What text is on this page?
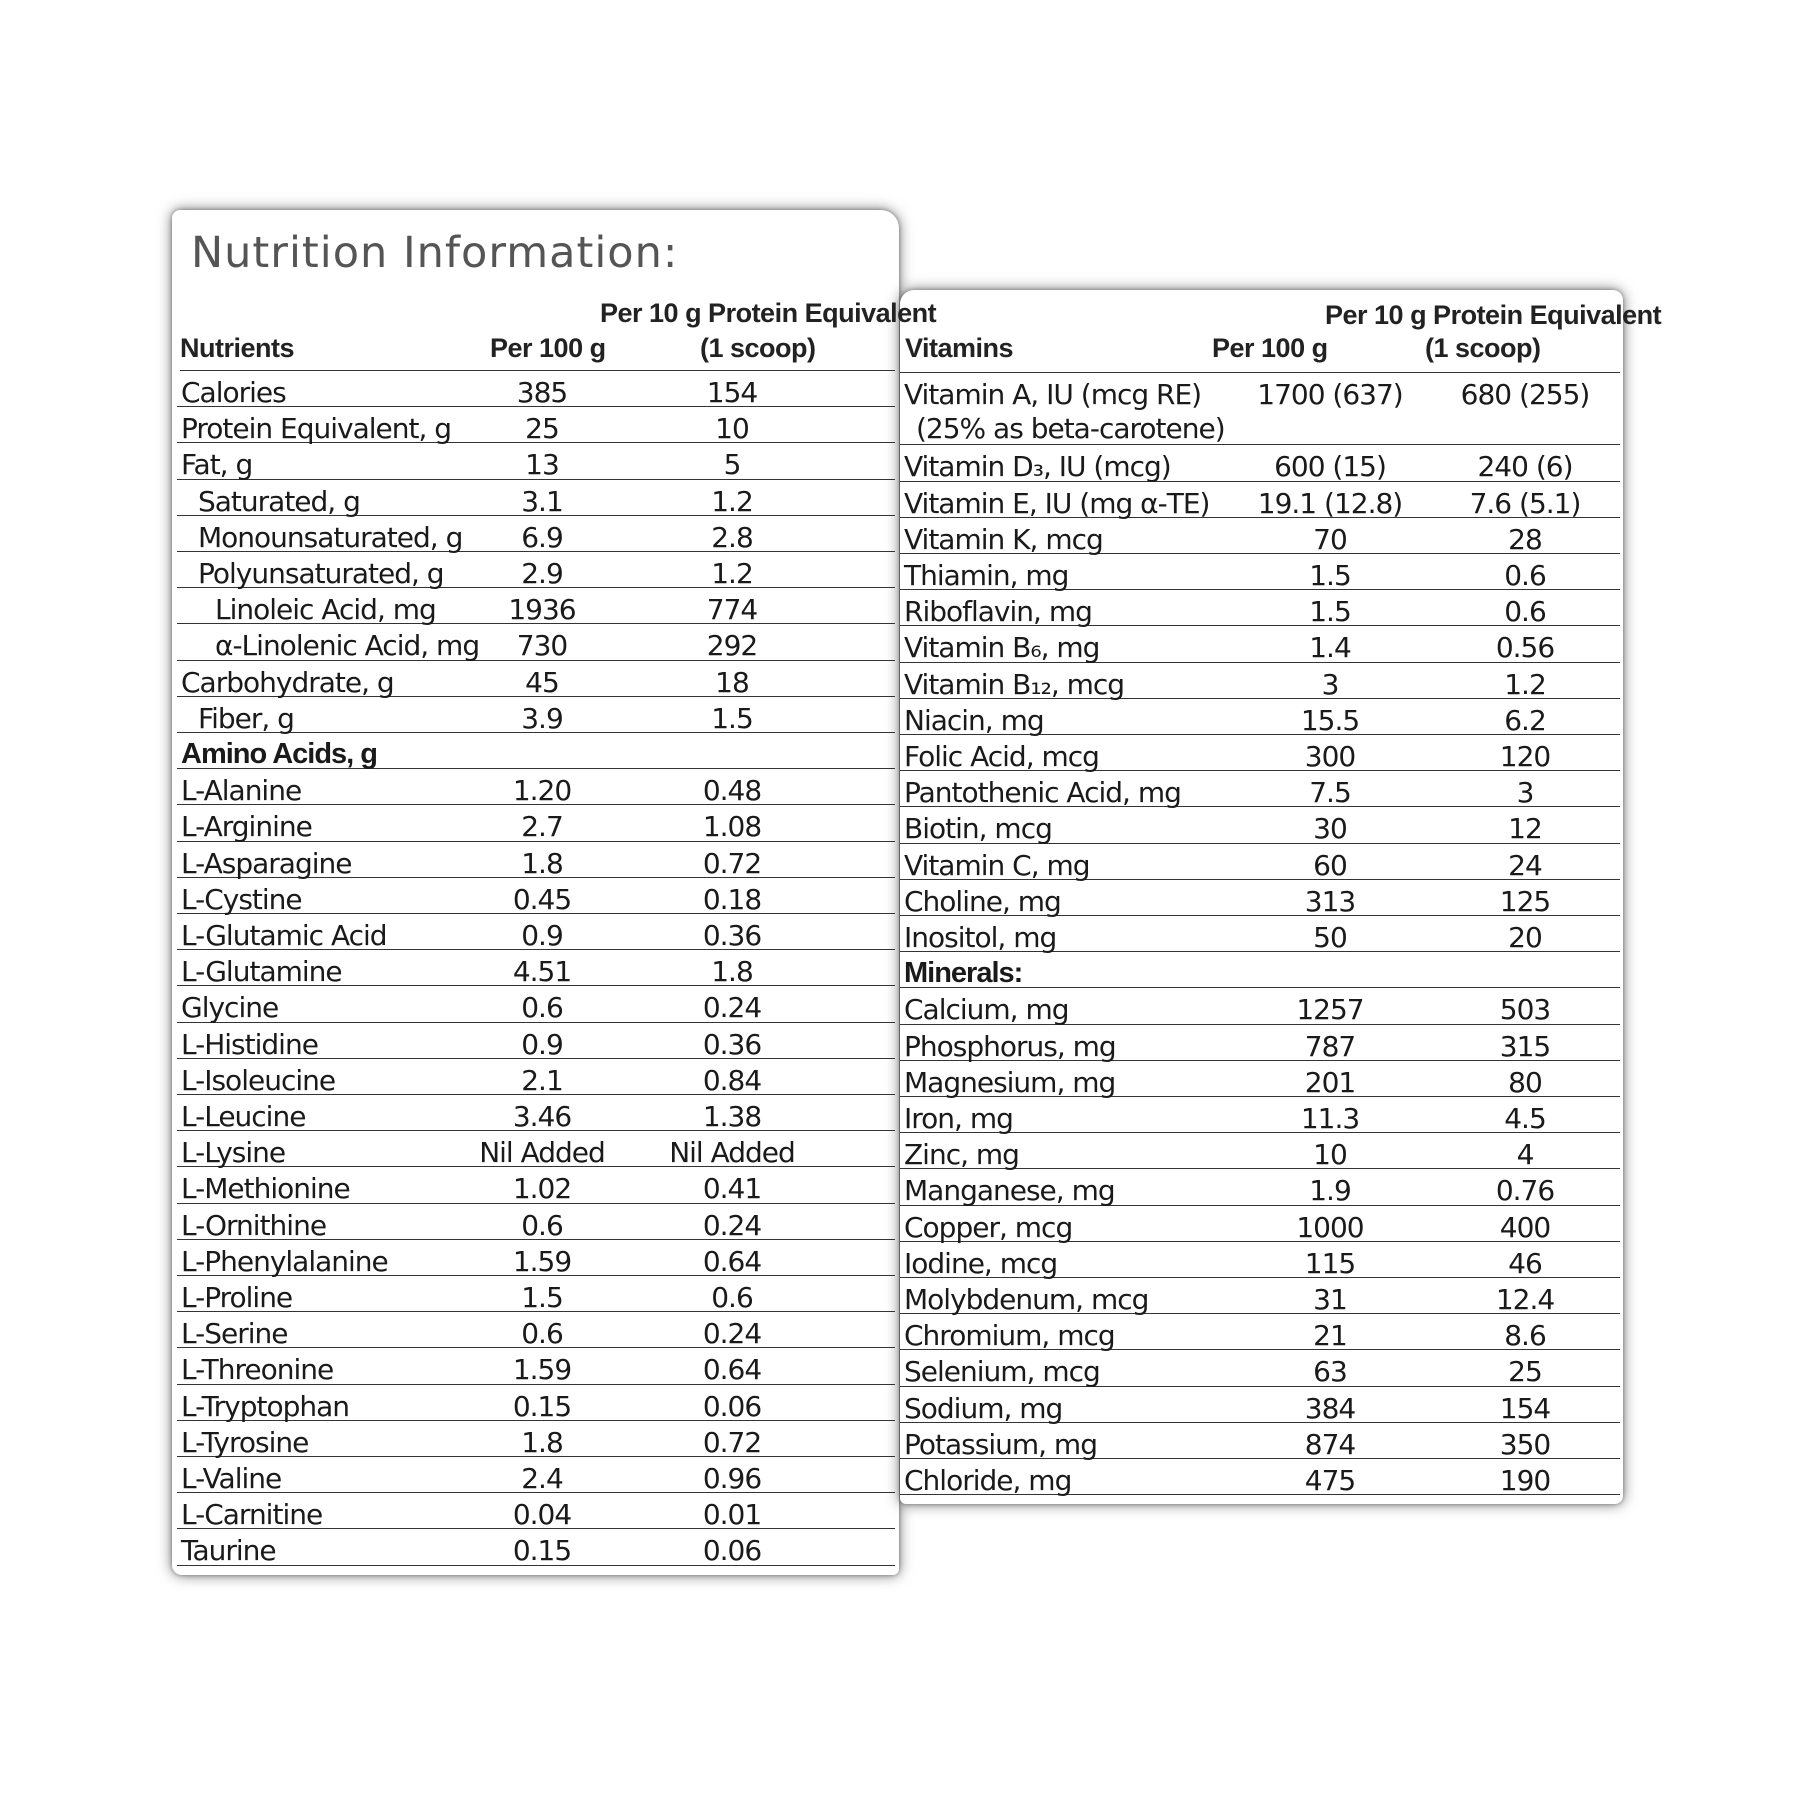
Nutrition Information:
Per 10 g Protein Equivalent
Nutrients	Per 100 g	(1 scoop)
Per 10 g Protein Equivalent
Vitamins	Per 100 g	(1 scoop)
Calories	385	154
Protein Equivalent, g	25	10
Fat, g	13	5
Saturated, g	3.1	1.2
Monounsaturated, g	6.9	2.8
Polyunsaturated, g	2.9	1.2
Linoleic Acid, mg	1936	774
α-Linolenic Acid, mg	730	292
Carbohydrate, g	45	18
Fiber, g	3.9	1.5
Amino Acids, g
L-Alanine	1.20	0.48
L-Arginine	2.7	1.08
L-Asparagine	1.8	0.72
L-Cystine	0.45	0.18
L-Glutamic Acid	0.9	0.36
L-Glutamine	4.51	1.8
Glycine	0.6	0.24
L-Histidine	0.9	0.36
L-Isoleucine	2.1	0.84
L-Leucine	3.46	1.38
L-Lysine	Nil Added	Nil Added
L-Methionine	1.02	0.41
L-Ornithine	0.6	0.24
L-Phenylalanine	1.59	0.64
L-Proline	1.5	0.6
L-Serine	0.6	0.24
L-Threonine	1.59	0.64
L-Tryptophan	0.15	0.06
L-Tyrosine	1.8	0.72
L-Valine	2.4	0.96
L-Carnitine	0.04	0.01
Taurine	0.15	0.06
Vitamin A, IU (mcg RE)
(25% as beta-carotene)
1700 (637)	680 (255)
Vitamin D₃, IU (mcg)	600 (15)	240 (6)
Vitamin E, IU (mg α-TE)	19.1 (12.8)	7.6 (5.1)
Vitamin K, mcg	70	28
Thiamin, mg	1.5	0.6
Riboflavin, mg	1.5	0.6
Vitamin B₆, mg	1.4	0.56
Vitamin B₁₂, mcg	3	1.2
Niacin, mg	15.5	6.2
Folic Acid, mcg	300	120
Pantothenic Acid, mg	7.5	3
Biotin, mcg	30	12
Vitamin C, mg	60	24
Choline, mg	313	125
Inositol, mg	50	20
Minerals:
Calcium, mg	1257	503
Phosphorus, mg	787	315
Magnesium, mg	201	80
Iron, mg	11.3	4.5
Zinc, mg	10	4
Manganese, mg	1.9	0.76
Copper, mcg	1000	400
Iodine, mcg	115	46
Molybdenum, mcg	31	12.4
Chromium, mcg	21	8.6
Selenium, mcg	63	25
Sodium, mg	384	154
Potassium, mg	874	350
Chloride, mg	475	190
